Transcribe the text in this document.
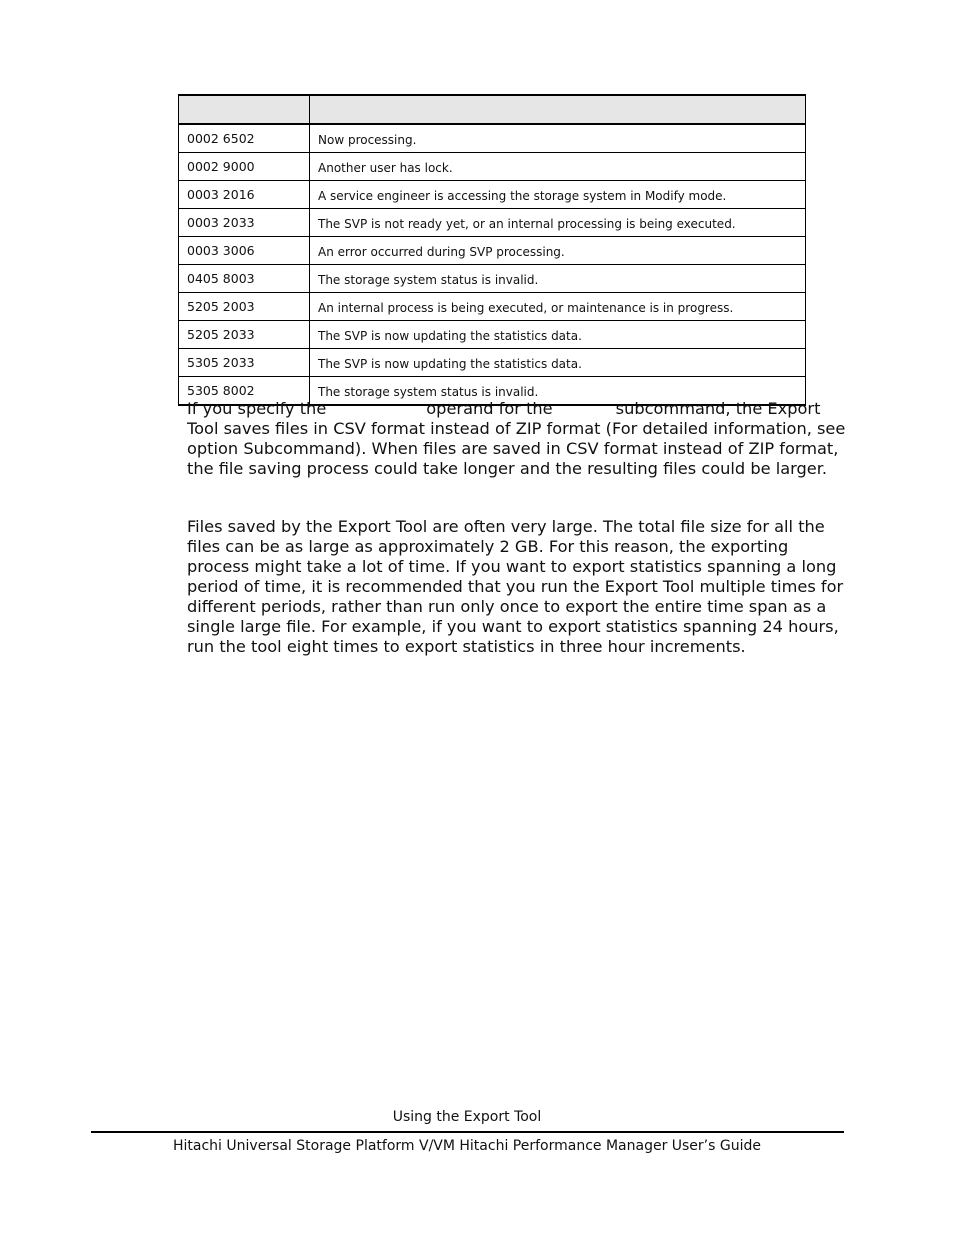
0002 6502	Now processing.
0002 9000	Another user has lock.
0003 2016	A service engineer is accessing the storage system in Modify mode.
0003 2033	The SVP is not ready yet, or an internal processing is being executed.
0003 3006	An error occurred during SVP processing.
0405 8003	The storage system status is invalid.
5205 2003	An internal process is being executed, or maintenance is in progress.
5205 2033	The SVP is now updating the statistics data.
5305 2033	The SVP is now updating the statistics data.
5305 8002	The storage system status is invalid.

If you specify the	operand for the	subcommand, the Export Tool saves files in CSV format instead of ZIP format (For detailed information, see option Subcommand). When files are saved in CSV format instead of ZIP format, the file saving process could take longer and the resulting files could be larger.

Files saved by the Export Tool are often very large. The total file size for all the files can be as large as approximately 2 GB. For this reason, the exporting process might take a lot of time. If you want to export statistics spanning a long period of time, it is recommended that you run the Export Tool multiple times for different periods, rather than run only once to export the entire time span as a single large file. For example, if you want to export statistics spanning 24 hours, run the tool eight times to export statistics in three hour increments.

Using the Export Tool
Hitachi Universal Storage Platform V/VM Hitachi Performance Manager User’s Guide
